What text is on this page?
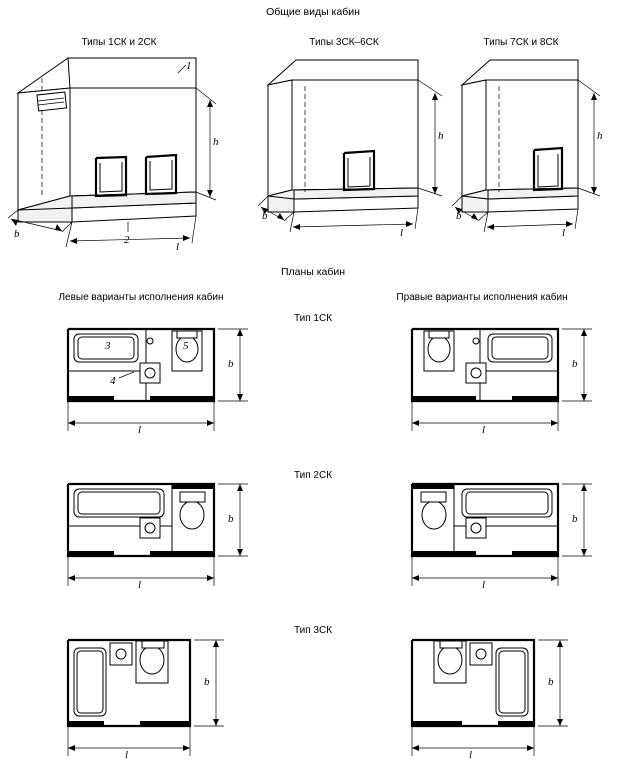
Общие виды кабин
Планы кабин
Типы 1СК и 2СК	Типы 3СК–6СК	Типы 7СК и 8СК
Левые варианты исполнения кабин	Правые варианты исполнения кабин
Тип 1СК
Тип 2СК
Тип 3СК
1
2
h
b
l
h
b
l
h
b
l
3
4
5
b
l
b
l
b
l
b
l
b
l
b
l
